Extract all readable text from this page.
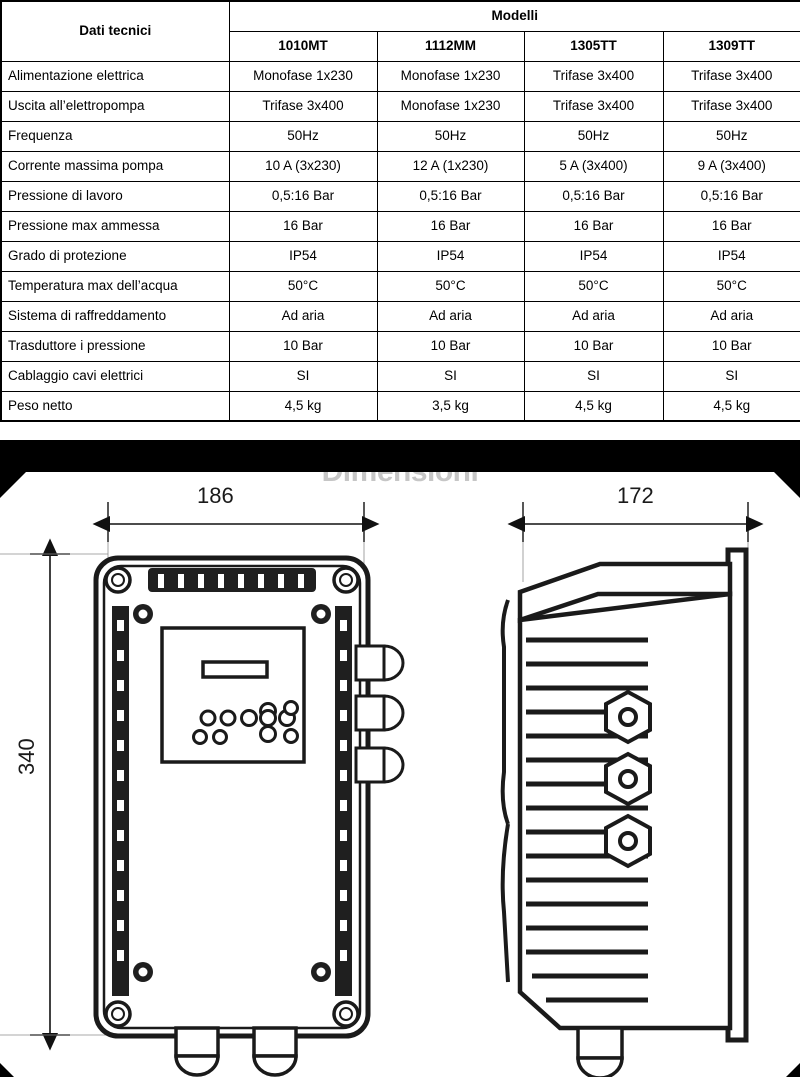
Dati tecnici	Modelli			
	1010MT	1112MM	1305TT	1309TT
Alimentazione elettrica	Monofase 1x230	Monofase 1x230	Trifase 3x400	Trifase 3x400
Uscita all’elettropompa	Trifase 3x400	Monofase 1x230	Trifase 3x400	Trifase 3x400
Frequenza	50Hz	50Hz	50Hz	50Hz
Corrente massima pompa	10 A (3x230)	12 A (1x230)	5 A (3x400)	9 A (3x400)
Pressione di lavoro	0,5:16 Bar	0,5:16 Bar	0,5:16 Bar	0,5:16 Bar
Pressione max ammessa	16 Bar	16 Bar	16 Bar	16 Bar
Grado di protezione	IP54	IP54	IP54	IP54
Temperatura max dell’acqua	50°C	50°C	50°C	50°C
Sistema di raffreddamento	Ad aria	Ad aria	Ad aria	Ad aria
Trasduttore i pressione	10 Bar	10 Bar	10 Bar	10 Bar
Cablaggio cavi elettrici	SI	SI	SI	SI
Peso netto	4,5 kg	3,5 kg	4,5 kg	4,5 kg
186	172
340
